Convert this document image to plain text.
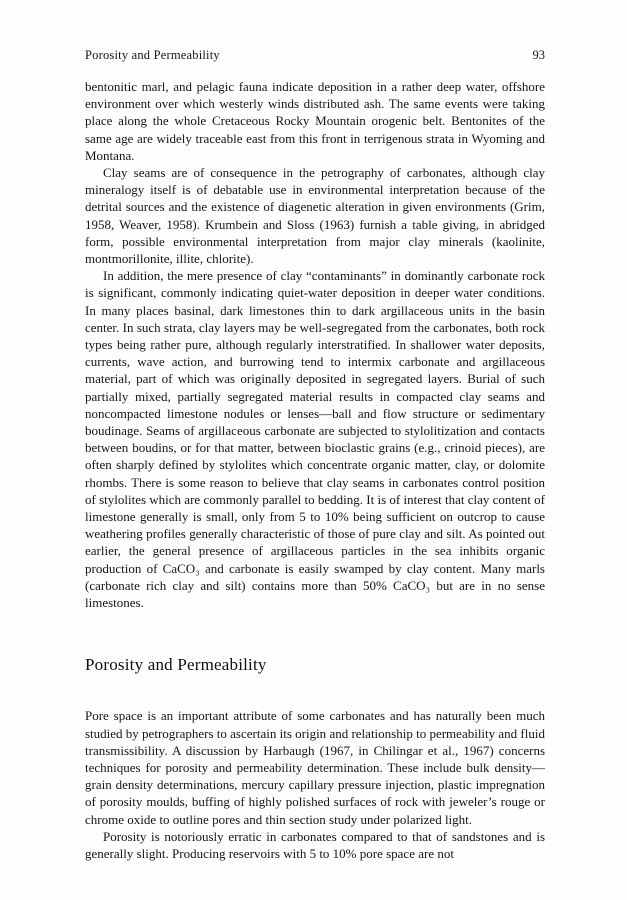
Porosity and Permeability	93

bentonitic marl, and pelagic fauna indicate deposition in a rather deep water, offshore environment over which westerly winds distributed ash. The same events were taking place along the whole Cretaceous Rocky Mountain orogenic belt. Bentonites of the same age are widely traceable east from this front in terrigenous strata in Wyoming and Montana.

Clay seams are of consequence in the petrography of carbonates, although clay mineralogy itself is of debatable use in environmental interpretation because of the detrital sources and the existence of diagenetic alteration in given environments (Grim, 1958, Weaver, 1958). Krumbein and Sloss (1963) furnish a table giving, in abridged form, possible environmental interpretation from major clay minerals (kaolinite, montmorillonite, illite, chlorite).

In addition, the mere presence of clay “contaminants” in dominantly carbonate rock is significant, commonly indicating quiet-water deposition in deeper water conditions. In many places basinal, dark limestones thin to dark argillaceous units in the basin center. In such strata, clay layers may be well-segregated from the carbonates, both rock types being rather pure, although regularly interstratified. In shallower water deposits, currents, wave action, and burrowing tend to intermix carbonate and argillaceous material, part of which was originally deposited in segregated layers. Burial of such partially mixed, partially segregated material results in compacted clay seams and noncompacted limestone nodules or lenses—ball and flow structure or sedimentary boudinage. Seams of argillaceous carbonate are subjected to stylolitization and contacts between boudins, or for that matter, between bioclastic grains (e.g., crinoid pieces), are often sharply defined by stylolites which concentrate organic matter, clay, or dolomite rhombs. There is some reason to believe that clay seams in carbonates control position of stylolites which are commonly parallel to bedding. It is of interest that clay content of limestone generally is small, only from 5 to 10% being sufficient on outcrop to cause weathering profiles generally characteristic of those of pure clay and silt. As pointed out earlier, the general presence of argillaceous particles in the sea inhibits organic production of CaCO₃ and carbonate is easily swamped by clay content. Many marls (carbonate rich clay and silt) contains more than 50% CaCO₃ but are in no sense limestones.

Porosity and Permeability

Pore space is an important attribute of some carbonates and has naturally been much studied by petrographers to ascertain its origin and relationship to permeability and fluid transmissibility. A discussion by Harbaugh (1967, in Chilingar et al., 1967) concerns techniques for porosity and permeability determination. These include bulk density—grain density determinations, mercury capillary pressure injection, plastic impregnation of porosity moulds, buffing of highly polished surfaces of rock with jeweler’s rouge or chrome oxide to outline pores and thin section study under polarized light.

Porosity is notoriously erratic in carbonates compared to that of sandstones and is generally slight. Producing reservoirs with 5 to 10% pore space are not
